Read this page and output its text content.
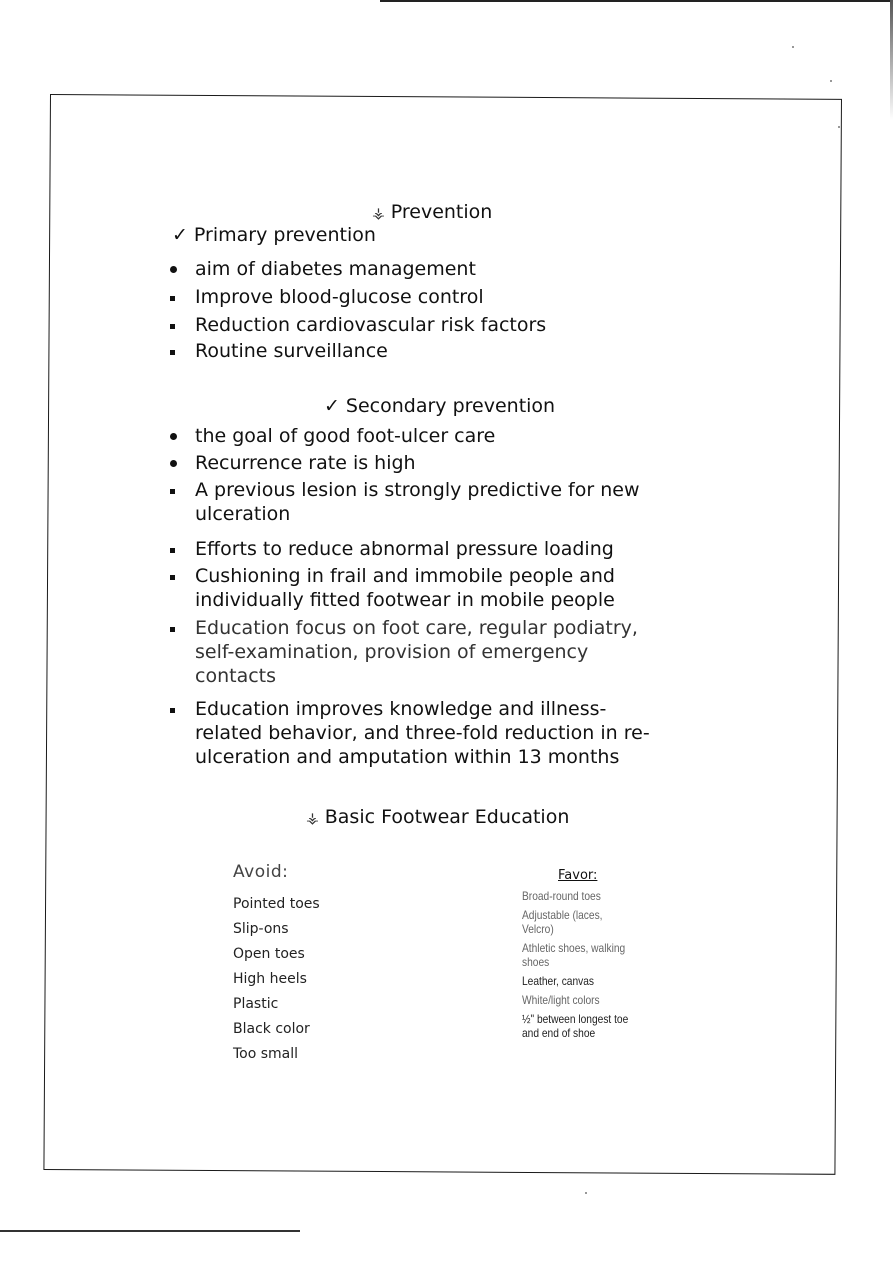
⚶ Prevention
✓ Primary prevention
aim of diabetes management
Improve blood-glucose control
Reduction cardiovascular risk factors
Routine surveillance
✓ Secondary prevention
the goal of good foot-ulcer care
Recurrence rate is high
A previous lesion is strongly predictive for new ulceration
Efforts to reduce abnormal pressure loading
Cushioning in frail and immobile people and individually fitted footwear in mobile people
Education focus on foot care, regular podiatry, self-examination, provision of emergency contacts
Education improves knowledge and illness-related behavior, and three-fold reduction in re-ulceration and amputation within 13 months
⚶ Basic Footwear Education
Avoid:
Pointed toes
Slip-ons
Open toes
High heels
Plastic
Black color
Too small
Favor:
Broad-round toes
Adjustable (laces, Velcro)
Athletic shoes, walking shoes
Leather, canvas
White/light colors
½" between longest toe and end of shoe
